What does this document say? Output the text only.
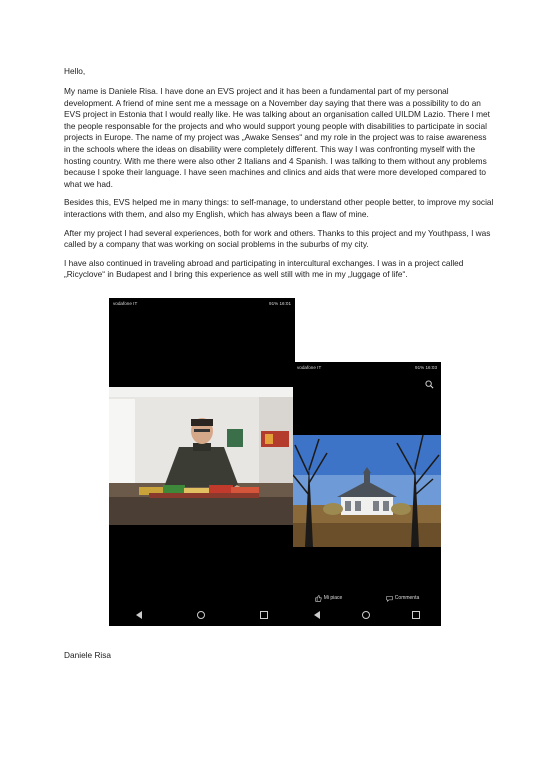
Hello,

My name is Daniele Risa. I have done an EVS project and it has been a fundamental part of my personal development. A friend of mine sent me a message on a November day saying that there was a possibility to do an EVS project in Estonia that I would really like. He was talking about an organisation called UILDM Lazio. There I met the people responsable for the projects and who would support young people with disabilities to participate in social projects in Europe. The name of my project was „Awake Senses“ and my role in the project was to raise awareness in the schools where the ideas on disability were completely different. This way I was confronting myself with the hosting country. With me there were also other 2 Italians and 4 Spanish. I was talking to them without any problems because I spoke their language. I have seen machines and clinics and aids that were more developed compared to what we had.

Besides this, EVS helped me in many things: to self-manage, to understand other people better, to improve my social interactions with them, and also my English, which has always been a flaw of mine.

After my project I had several experiences, both for work and others. Thanks to this project and my Youthpass, I was called by a company that was working on social problems in the suburbs of my city.

I have also continued in traveling abroad and participating in intercultural exchanges. I was in a project called „Ricyclove“ in Budapest and I bring this experience as well still with me in my „luggage of life“.

vodafone IT	91% 16:01
vodafone IT	91% 16:03
Mi piace	Commenta
Daniele Risa
